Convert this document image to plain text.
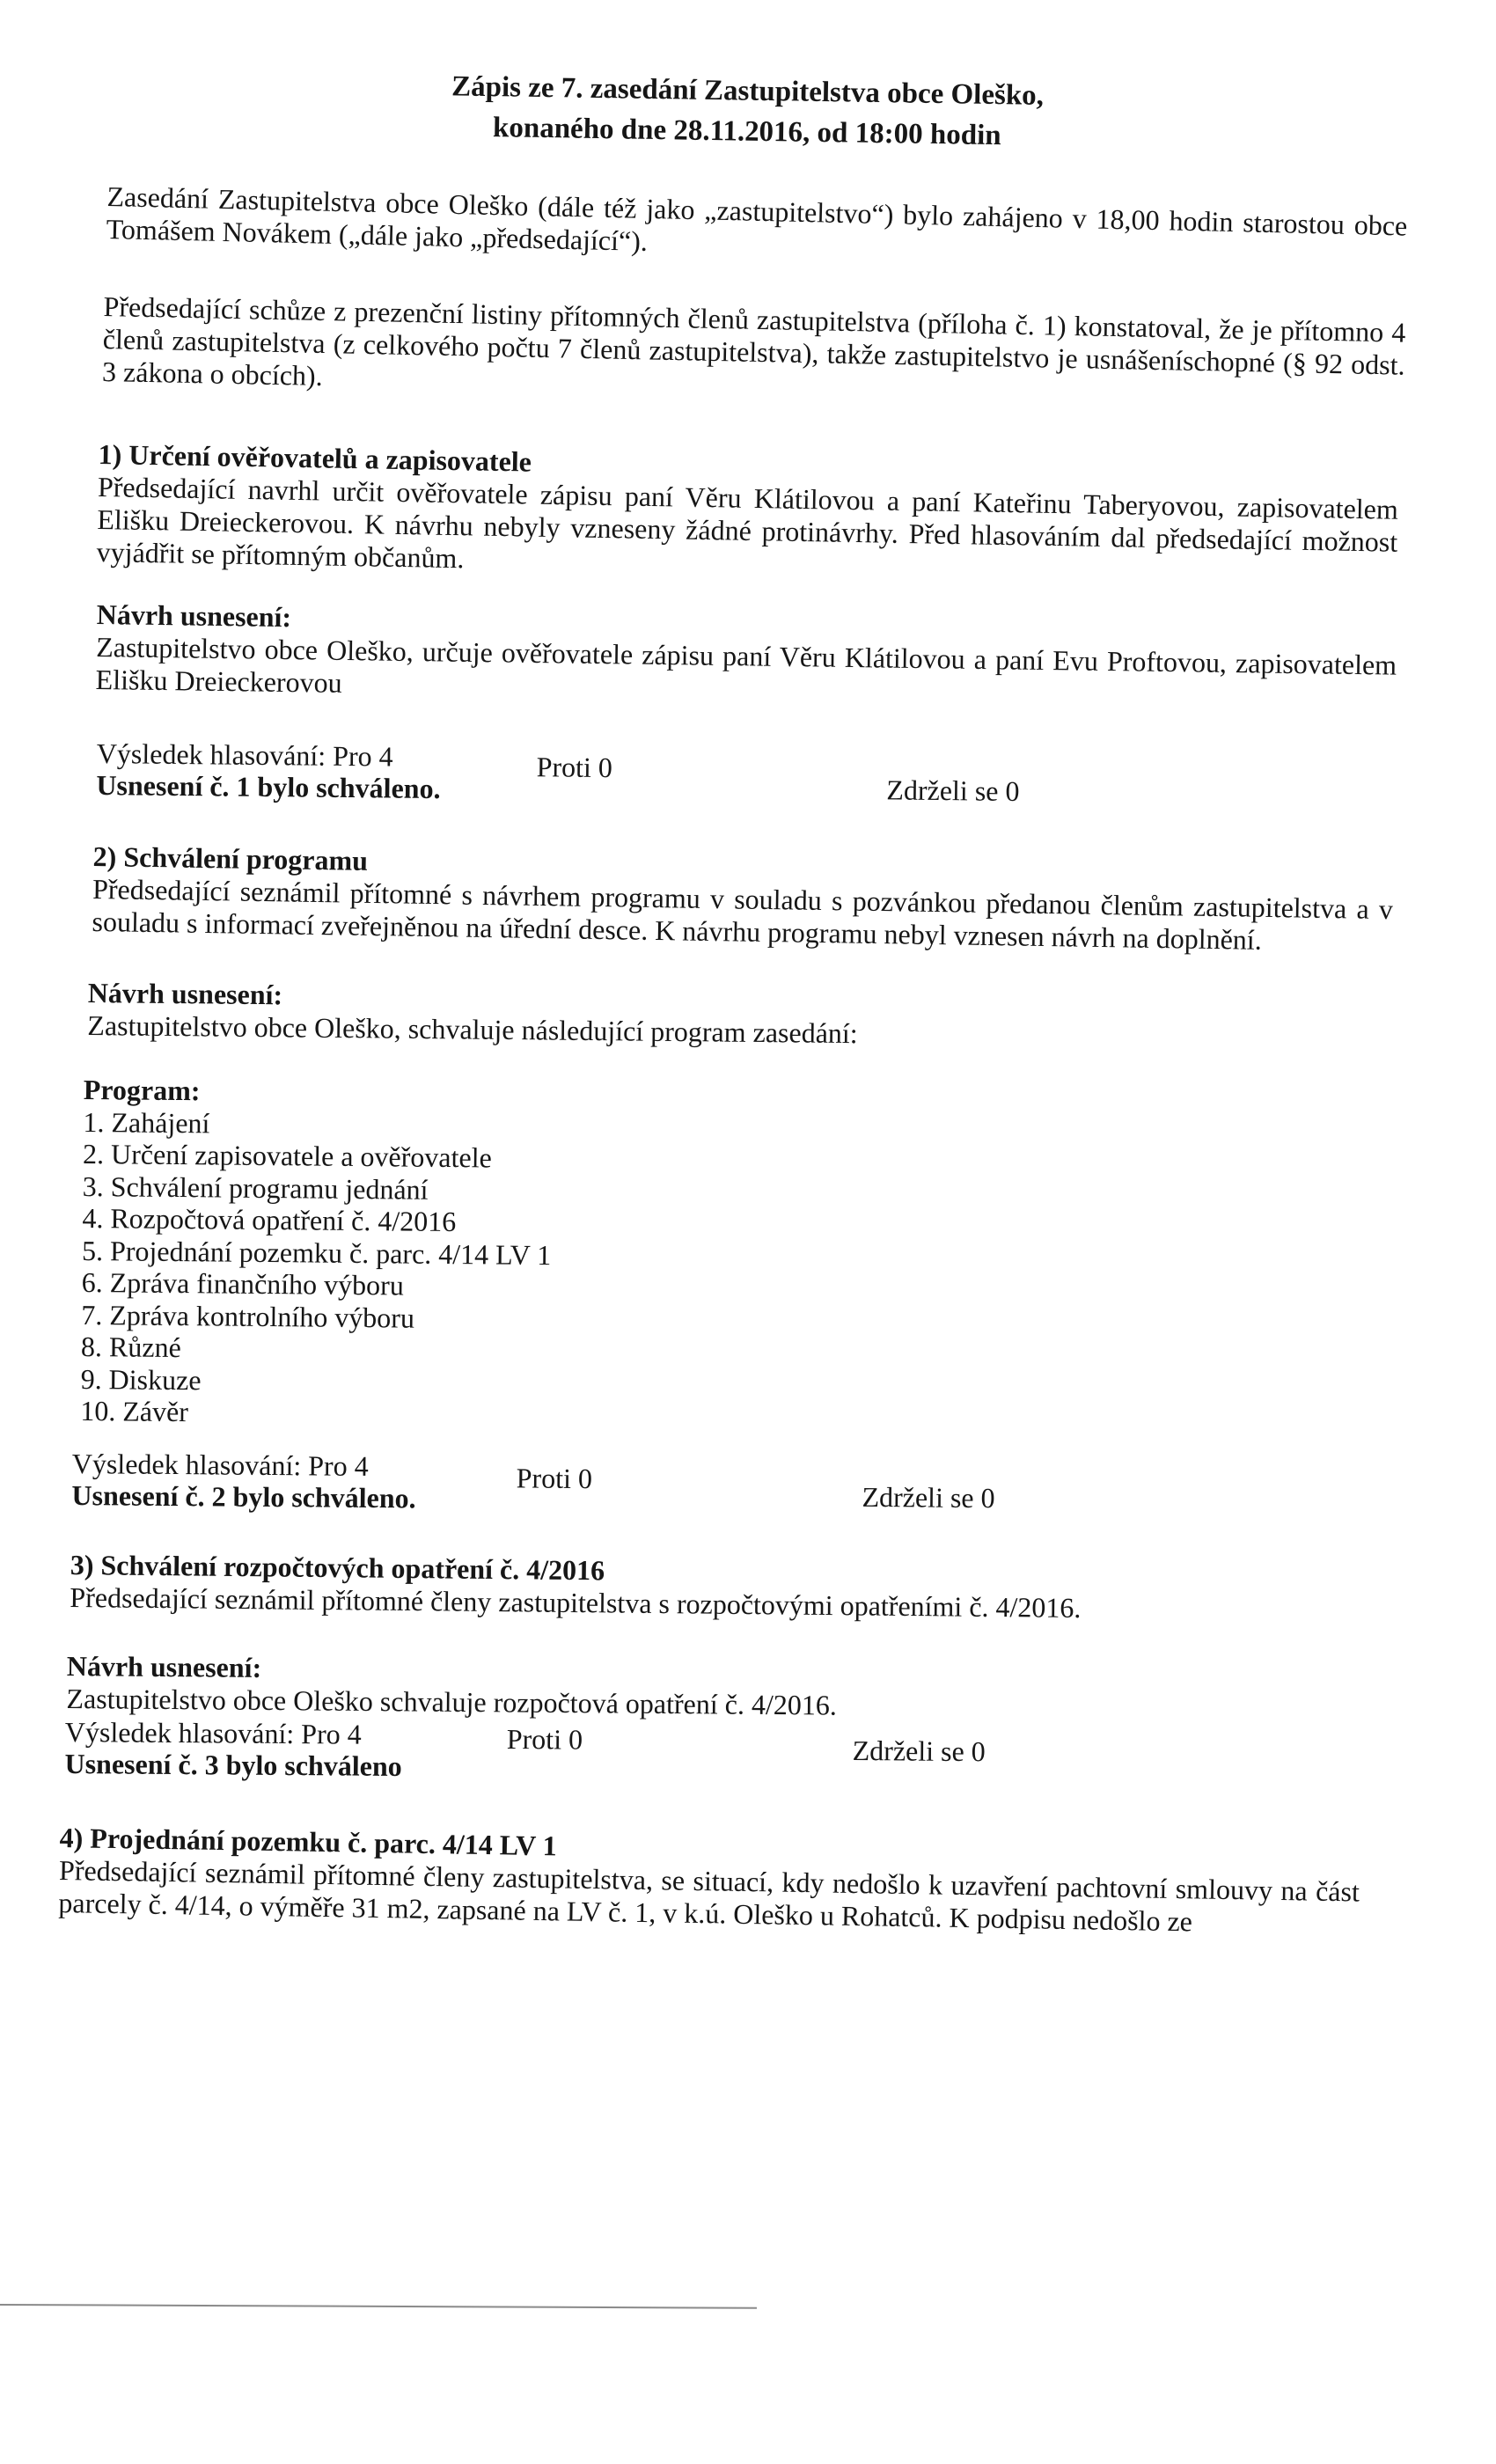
Zápis ze 7. zasedání Zastupitelstva obce Oleško,
konaného dne 28.11.2016, od 18:00 hodin
Zasedání Zastupitelstva obce Oleško (dále též jako „zastupitelstvo“) bylo zahájeno v 18,00 hodin starostou obce Tomášem Novákem („dále jako „předsedající“).
Předsedající schůze z prezenční listiny přítomných členů zastupitelstva (příloha č. 1) konstatoval, že je přítomno 4 členů zastupitelstva (z celkového počtu 7 členů zastupitelstva), takže zastupitelstvo je usnášeníschopné (§ 92 odst. 3 zákona o obcích).
1) Určení ověřovatelů a zapisovatele
Předsedající navrhl určit ověřovatele zápisu paní Věru Klátilovou a paní Kateřinu Taberyovou, zapisovatelem Elišku Dreieckerovou. K návrhu nebyly vzneseny žádné protinávrhy. Před hlasováním dal předsedající možnost vyjádřit se přítomným občanům.
Návrh usnesení:
Zastupitelstvo obce Oleško, určuje ověřovatele zápisu paní Věru Klátilovou a paní Evu Proftovou, zapisovatelem Elišku Dreieckerovou
Výsledek hlasování: Pro 4	Proti 0
Zdrželi se 0
Usnesení č. 1 bylo schváleno.
2) Schválení programu
Předsedající seznámil přítomné s návrhem programu v souladu s pozvánkou předanou členům zastupitelstva a v souladu s informací zveřejněnou na úřední desce. K návrhu programu nebyl vznesen návrh na doplnění.
Návrh usnesení:
Zastupitelstvo obce Oleško, schvaluje následující program zasedání:
Program:
1. Zahájení
2. Určení zapisovatele a ověřovatele
3. Schválení programu jednání
4. Rozpočtová opatření č. 4/2016
5. Projednání pozemku č. parc. 4/14 LV 1
6. Zpráva finančního výboru
7. Zpráva kontrolního výboru
8. Různé
9. Diskuze
10. Závěr
Výsledek hlasování: Pro 4	Proti 0
Zdrželi se 0
Usnesení č. 2 bylo schváleno.
3) Schválení rozpočtových opatření č. 4/2016
Předsedající seznámil přítomné členy zastupitelstva s rozpočtovými opatřeními č. 4/2016.
Návrh usnesení:
Zastupitelstvo obce Oleško schvaluje rozpočtová opatření č. 4/2016.
Výsledek hlasování: Pro 4	Proti 0	Zdrželi se 0
Usnesení č. 3 bylo schváleno
4) Projednání pozemku č. parc. 4/14 LV 1
Předsedající seznámil přítomné členy zastupitelstva, se situací, kdy nedošlo k uzavření pachtovní smlouvy na část parcely č. 4/14, o výměře 31 m2, zapsané na LV č. 1, v k.ú. Oleško u Rohatců. K podpisu nedošlo ze
